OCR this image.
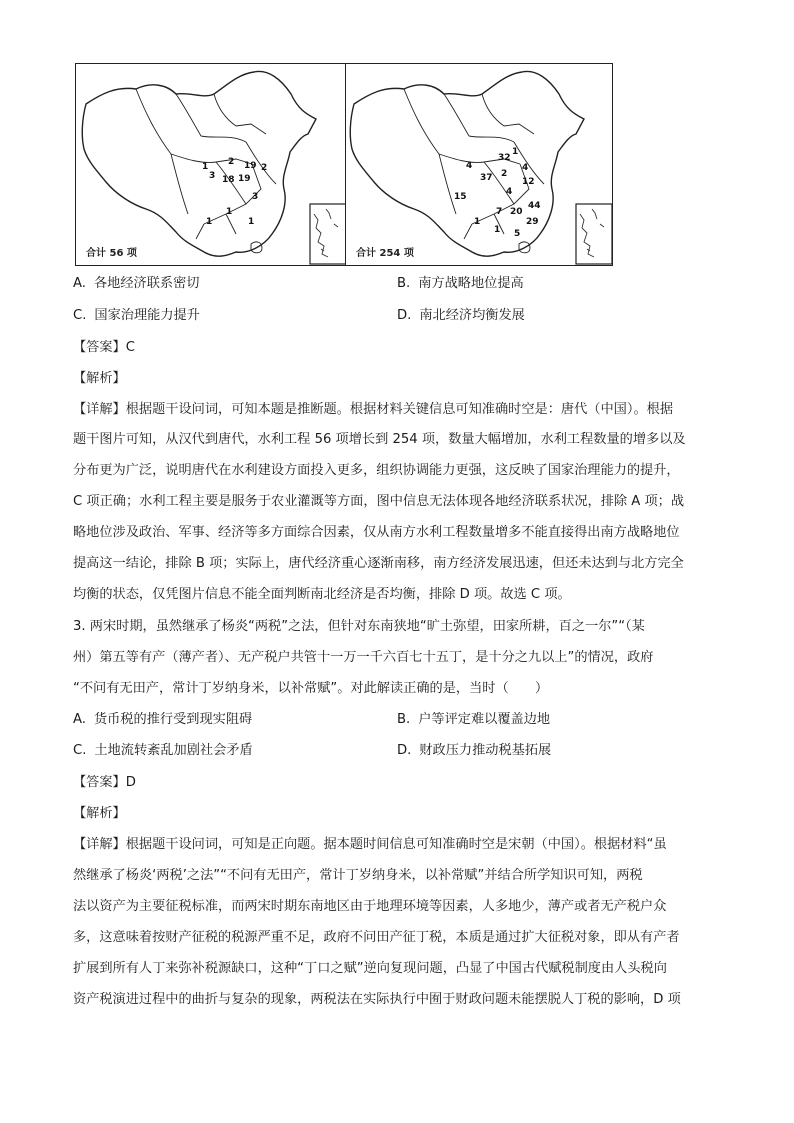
1
3
2
19
18
19 2
1
1
1
3
合计 56 项
4
32
1
37 2
12
4
15
4
44
7 20
29
1
1 5
合计 254 项
A. 各地经济联系密切	B. 南方战略地位提高
C. 国家治理能力提升	D. 南北经济均衡发展
【答案】C
【解析】
【详解】根据题干设问词，可知本题是推断题。根据材料关键信息可知准确时空是：唐代（中国）。根据
题干图片可知，从汉代到唐代，水利工程 56 项增长到 254 项，数量大幅增加，水利工程数量的增多以及
分布更为广泛，说明唐代在水利建设方面投入更多，组织协调能力更强，这反映了国家治理能力的提升，
C 项正确；水利工程主要是服务于农业灌溉等方面，图中信息无法体现各地经济联系状况，排除 A 项；战
略地位涉及政治、军事、经济等多方面综合因素，仅从南方水利工程数量增多不能直接得出南方战略地位
提高这一结论，排除 B 项；实际上，唐代经济重心逐渐南移，南方经济发展迅速，但还未达到与北方完全
均衡的状态，仅凭图片信息不能全面判断南北经济是否均衡，排除 D 项。故选 C 项。
3. 两宋时期，虽然继承了杨炎“两税”之法，但针对东南狭地“旷土弥望，田家所耕，百之一尔”“（某
州）第五等有产（薄产者）、无产税户共管十一万一千六百七十五丁，是十分之九以上”的情况，政府
“不问有无田产，常计丁岁纳身米，以补常赋”。对此解读正确的是，当时（　　）
A. 货币税的推行受到现实阻碍	B. 户等评定难以覆盖边地
C. 土地流转紊乱加剧社会矛盾	D. 财政压力推动税基拓展
【答案】D
【解析】
【详解】根据题干设问词，可知是正向题。据本题时间信息可知准确时空是宋朝（中国）。根据材料“虽
然继承了杨炎‘两税’之法”“不问有无田产，常计丁岁纳身米，以补常赋”并结合所学知识可知，两税
法以资产为主要征税标准，而两宋时期东南地区由于地理环境等因素，人多地少，薄产或者无产税户众
多，这意味着按财产征税的税源严重不足，政府不问田产征丁税，本质是通过扩大征税对象，即从有产者
扩展到所有人丁来弥补税源缺口，这种“丁口之赋”逆向复现问题，凸显了中国古代赋税制度由人头税向
资产税演进过程中的曲折与复杂的现象，两税法在实际执行中囿于财政问题未能摆脱人丁税的影响，D 项
